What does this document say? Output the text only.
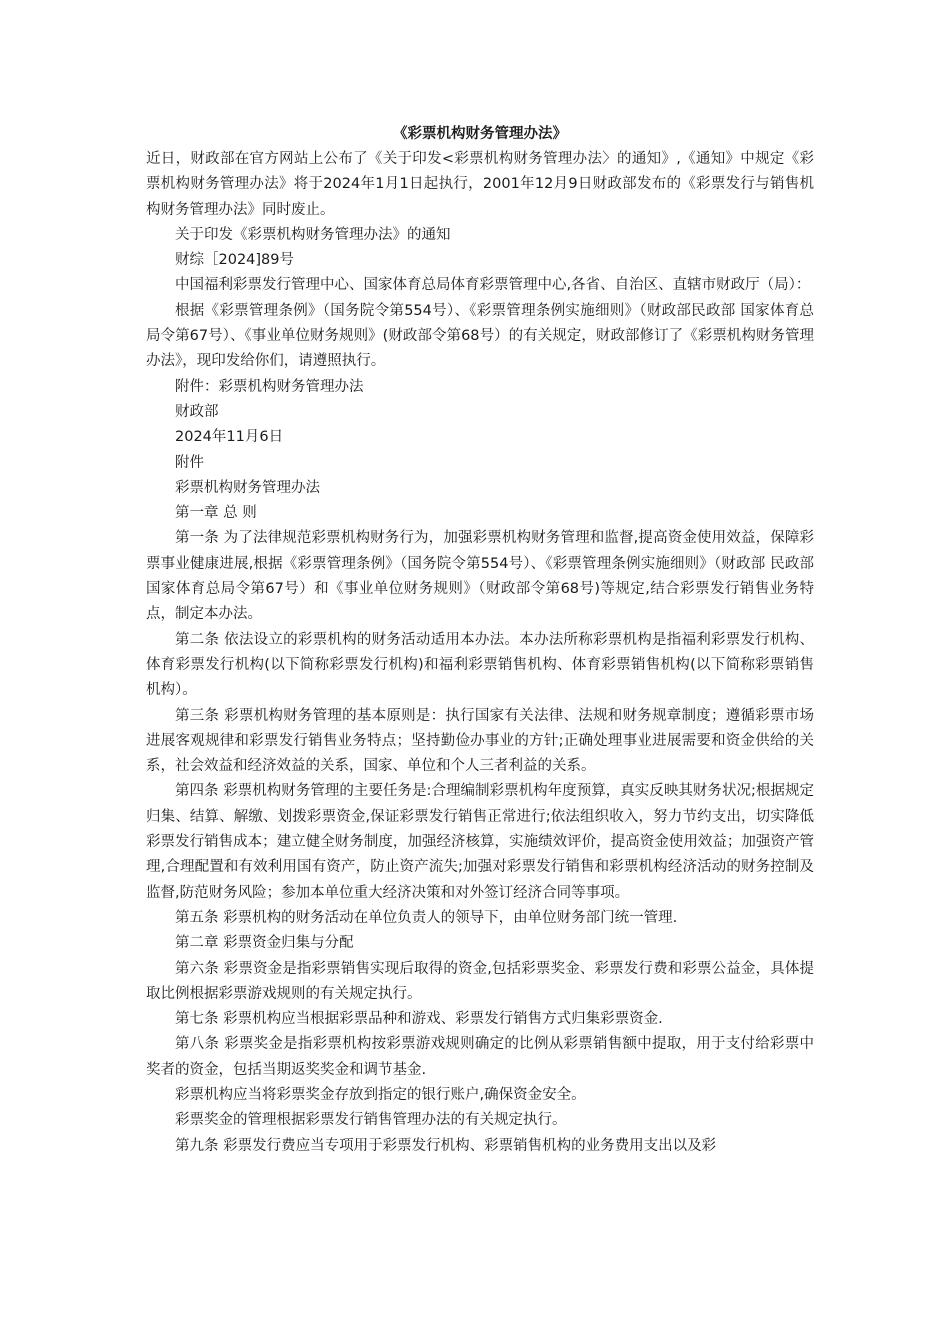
《彩票机构财务管理办法》

近日，财政部在官方网站上公布了《关于印发<彩票机构财务管理办法〉的通知》,《通知》中规定《彩票机构财务管理办法》将于2024年1月1日起执行，2001年12月9日财政部发布的《彩票发行与销售机构财务管理办法》同时废止。

关于印发《彩票机构财务管理办法》的通知

财综［2024]89号

中国福利彩票发行管理中心、国家体育总局体育彩票管理中心,各省、自治区、直辖市财政厅（局）：

根据《彩票管理条例》（国务院令第554号）、《彩票管理条例实施细则》（财政部民政部 国家体育总局令第67号）、《事业单位财务规则》(财政部令第68号）的有关规定，财政部修订了《彩票机构财务管理办法》，现印发给你们，请遵照执行。

附件：彩票机构财务管理办法

财政部

2024年11月6日

附件

彩票机构财务管理办法

第一章 总 则

第一条 为了法律规范彩票机构财务行为，加强彩票机构财务管理和监督,提高资金使用效益，保障彩票事业健康进展,根据《彩票管理条例》（国务院令第554号）、《彩票管理条例实施细则》（财政部 民政部 国家体育总局令第67号）和《事业单位财务规则》（财政部令第68号)等规定,结合彩票发行销售业务特点，制定本办法。

第二条 依法设立的彩票机构的财务活动适用本办法。本办法所称彩票机构是指福利彩票发行机构、体育彩票发行机构(以下简称彩票发行机构)和福利彩票销售机构、体育彩票销售机构(以下简称彩票销售机构）。

第三条 彩票机构财务管理的基本原则是：执行国家有关法律、法规和财务规章制度；遵循彩票市场进展客观规律和彩票发行销售业务特点；坚持勤俭办事业的方针;正确处理事业进展需要和资金供给的关系，社会效益和经济效益的关系，国家、单位和个人三者利益的关系。

第四条 彩票机构财务管理的主要任务是:合理编制彩票机构年度预算，真实反映其财务状况;根据规定归集、结算、解缴、划拨彩票资金,保证彩票发行销售正常进行;依法组织收入，努力节约支出，切实降低彩票发行销售成本；建立健全财务制度，加强经济核算，实施绩效评价，提高资金使用效益；加强资产管理,合理配置和有效利用国有资产，防止资产流失;加强对彩票发行销售和彩票机构经济活动的财务控制及监督,防范财务风险；参加本单位重大经济决策和对外签订经济合同等事项。

第五条 彩票机构的财务活动在单位负责人的领导下，由单位财务部门统一管理.

第二章 彩票资金归集与分配

第六条 彩票资金是指彩票销售实现后取得的资金,包括彩票奖金、彩票发行费和彩票公益金，具体提取比例根据彩票游戏规则的有关规定执行。

第七条 彩票机构应当根据彩票品种和游戏、彩票发行销售方式归集彩票资金.

第八条 彩票奖金是指彩票机构按彩票游戏规则确定的比例从彩票销售额中提取，用于支付给彩票中奖者的资金，包括当期返奖奖金和调节基金.

彩票机构应当将彩票奖金存放到指定的银行账户,确保资金安全。

彩票奖金的管理根据彩票发行销售管理办法的有关规定执行。

第九条 彩票发行费应当专项用于彩票发行机构、彩票销售机构的业务费用支出以及彩
